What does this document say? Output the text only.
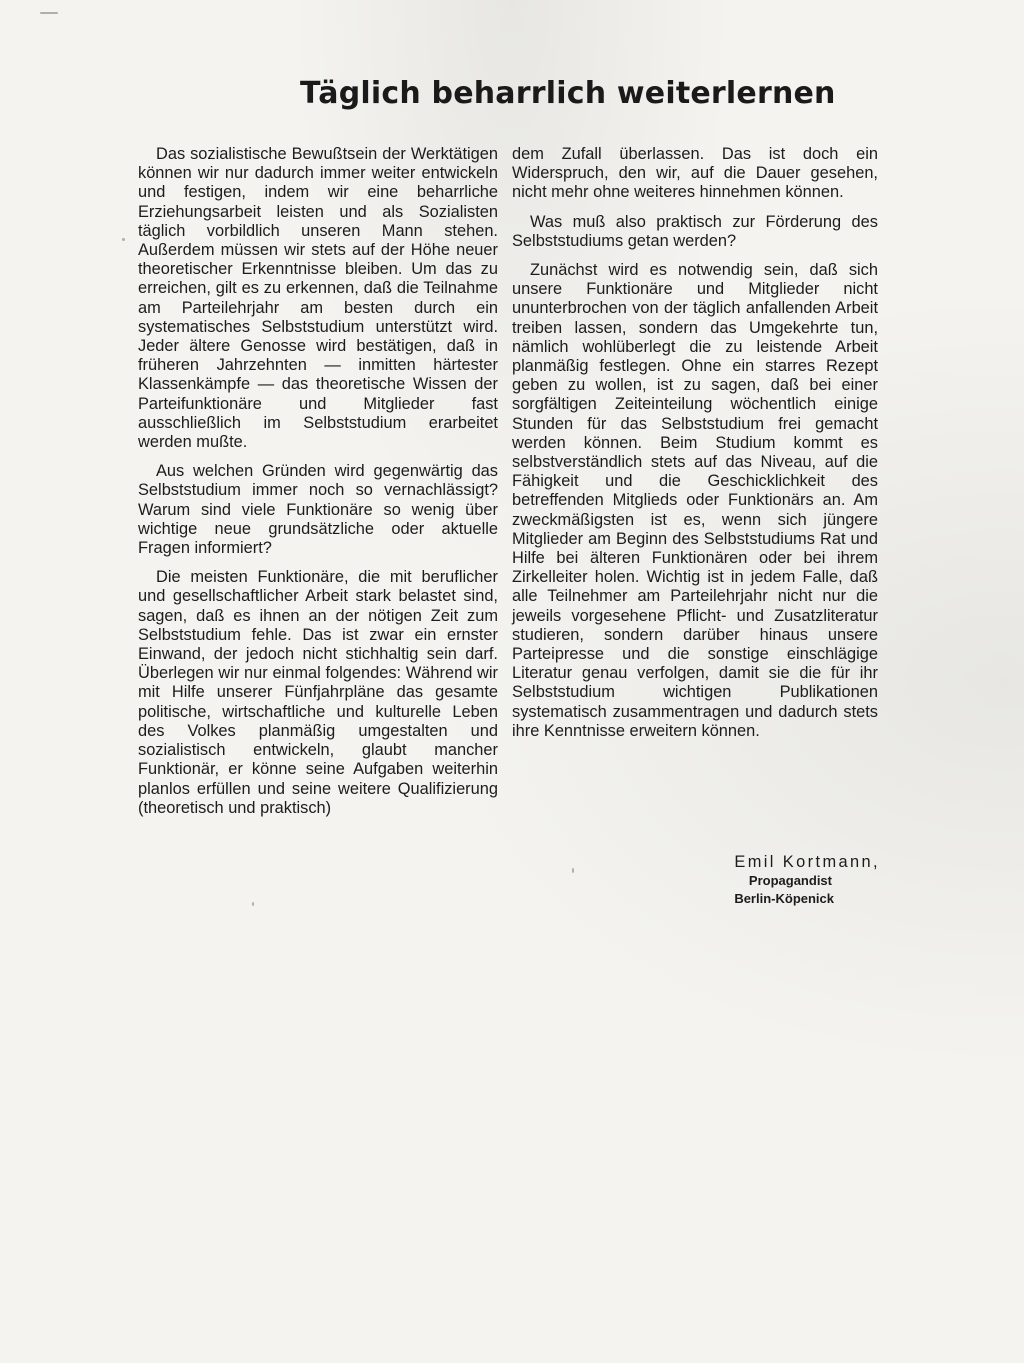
Täglich beharrlich weiterlernen

Das sozialistische Bewußtsein der Werktätigen können wir nur dadurch immer weiter entwickeln und festigen, indem wir eine beharrliche Erziehungsarbeit leisten und als Sozialisten täglich vorbildlich unseren Mann stehen. Außerdem müssen wir stets auf der Höhe neuer theoretischer Erkenntnisse bleiben. Um das zu erreichen, gilt es zu erkennen, daß die Teilnahme am Parteilehrjahr am besten durch ein systematisches Selbststudium unterstützt wird. Jeder ältere Genosse wird bestätigen, daß in früheren Jahrzehnten — inmitten härtester Klassenkämpfe — das theoretische Wissen der Parteifunktionäre und Mitglieder fast ausschließlich im Selbststudium erarbeitet werden mußte.

Aus welchen Gründen wird gegenwärtig das Selbststudium immer noch so vernachlässigt? Warum sind viele Funktionäre so wenig über wichtige neue grundsätzliche oder aktuelle Fragen informiert?

Die meisten Funktionäre, die mit beruflicher und gesellschaftlicher Arbeit stark belastet sind, sagen, daß es ihnen an der nötigen Zeit zum Selbststudium fehle. Das ist zwar ein ernster Einwand, der jedoch nicht stichhaltig sein darf. Überlegen wir nur einmal folgendes: Während wir mit Hilfe unserer Fünfjahrpläne das gesamte politische, wirtschaftliche und kulturelle Leben des Volkes planmäßig umgestalten und sozialistisch entwickeln, glaubt mancher Funktionär, er könne seine Aufgaben weiterhin planlos erfüllen und seine weitere Qualifizierung (theoretisch und praktisch)

dem Zufall überlassen. Das ist doch ein Widerspruch, den wir, auf die Dauer gesehen, nicht mehr ohne weiteres hinnehmen können.

Was muß also praktisch zur Förderung des Selbststudiums getan werden?

Zunächst wird es notwendig sein, daß sich unsere Funktionäre und Mitglieder nicht ununterbrochen von der täglich anfallenden Arbeit treiben lassen, sondern das Umgekehrte tun, nämlich wohlüberlegt die zu leistende Arbeit planmäßig festlegen. Ohne ein starres Rezept geben zu wollen, ist zu sagen, daß bei einer sorgfältigen Zeiteinteilung wöchentlich einige Stunden für das Selbststudium frei gemacht werden können. Beim Studium kommt es selbstverständlich stets auf das Niveau, auf die Fähigkeit und die Geschicklichkeit des betreffenden Mitglieds oder Funktionärs an. Am zweckmäßigsten ist es, wenn sich jüngere Mitglieder am Beginn des Selbststudiums Rat und Hilfe bei älteren Funktionären oder bei ihrem Zirkelleiter holen. Wichtig ist in jedem Falle, daß alle Teilnehmer am Parteilehrjahr nicht nur die jeweils vorgesehene Pflicht- und Zusatzliteratur studieren, sondern darüber hinaus unsere Parteipresse und die sonstige einschlägige Literatur genau verfolgen, damit sie die für ihr Selbststudium wichtigen Publikationen systematisch zusammentragen und dadurch stets ihre Kenntnisse erweitern können.

Emil Kortmann,
Propagandist
Berlin-Köpenick
